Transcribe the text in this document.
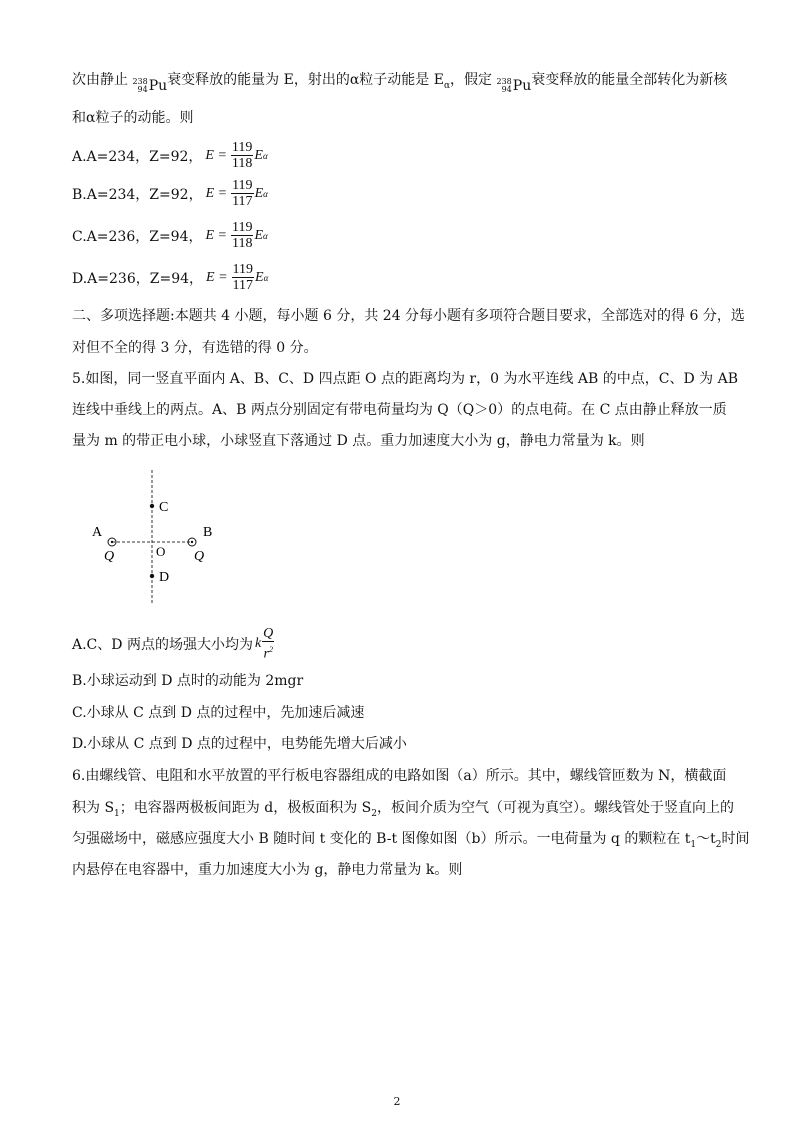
次由静止 238
94 Pu 衰变释放的能量为 E，射出的α粒子动能是 $E_\alpha$，假定 238
94 Pu 衰变释放的能量全部转化为新核
和α粒子的动能。则
A.A=234，Z=92， $E = \frac{119}{118}$ E α
B.A=234，Z=92， $E = \frac{119}{117}$ E α
C.A=236，Z=94， $E = \frac{119}{118}$ E α
D.A=236，Z=94， $E = \frac{119}{117}$ E α
二、多项选择题:本题共 4 小题，每小题 6 分，共 24 分每小题有多项符合题目要求，全部选对的得 6 分，选
对但不全的得 3 分，有选错的得 0 分。
5.如图，同一竖直平面内 A、B、C、D 四点距 O 点的距离均为 r，0 为水平连线 AB 的中点，C、D 为 AB
连线中垂线上的两点。A、B 两点分别固定有带电荷量均为 Q（Q＞0）的点电荷。在 C 点由静止释放一质
量为 m 的带正电小球，小球竖直下落通过 D 点。重力加速度大小为 g，静电力常量为 k。则
C
D
A	B
O
Q	Q
A.C、D 两点的场强大小均为 k $\frac{Q}{r^2}$
B.小球运动到 D 点时的动能为 2mgr
C.小球从 C 点到 D 点的过程中，先加速后减速
D.小球从 C 点到 D 点的过程中，电势能先增大后减小
6.由螺线管、电阻和水平放置的平行板电容器组成的电路如图（a）所示。其中，螺线管匝数为 N，横截面
积为 $S_1$；电容器两极板间距为 d，极板面积为 $S_2$，板间介质为空气（可视为真空）。螺线管处于竖直向上的
匀强磁场中，磁感应强度大小 B 随时间 t 变化的 B-t 图像如图（b）所示。一电荷量为 q 的颗粒在 $t_1\sim t_2$时间
内悬停在电容器中，重力加速度大小为 g，静电力常量为 k。则
2
